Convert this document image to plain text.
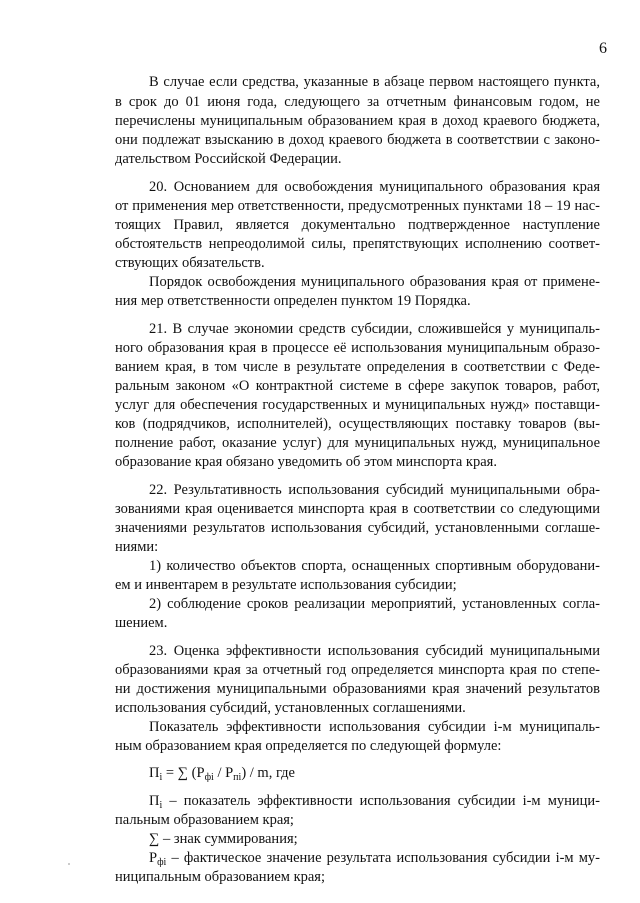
6
В случае если средства, указанные в абзаце первом настоящего пункта,
в срок до 01 июня года, следующего за отчетным финансовым годом, не
перечислены муниципальным образованием края в доход краевого бюджета,
они подлежат взысканию в доход краевого бюджета в соответствии с законо-
дательством Российской Федерации.
20. Основанием для освобождения муниципального образования края
от применения мер ответственности, предусмотренных пунктами 18 – 19 нас-
тоящих Правил, является документально подтвержденное наступление
обстоятельств непреодолимой силы, препятствующих исполнению соответ-
ствующих обязательств.
Порядок освобождения муниципального образования края от примене-
ния мер ответственности определен пунктом 19 Порядка.
21. В случае экономии средств субсидии, сложившейся у муниципаль-
ного образования края в процессе её использования муниципальным образо-
ванием края, в том числе в результате определения в соответствии с Феде-
ральным законом «О контрактной системе в сфере закупок товаров, работ,
услуг для обеспечения государственных и муниципальных нужд» поставщи-
ков (подрядчиков, исполнителей), осуществляющих поставку товаров (вы-
полнение работ, оказание услуг) для муниципальных нужд, муниципальное
образование края обязано уведомить об этом минспорта края.
22. Результативность использования субсидий муниципальными обра-
зованиями края оценивается минспорта края в соответствии со следующими
значениями результатов использования субсидий, установленными соглаше-
ниями:
1) количество объектов спорта, оснащенных спортивным оборудовани-
ем и инвентарем в результате использования субсидии;
2) соблюдение сроков реализации мероприятий, установленных согла-
шением.
23. Оценка эффективности использования субсидий муниципальными
образованиями края за отчетный год определяется минспорта края по степе-
ни достижения муниципальными образованиями края значений результатов
использования субсидий, установленных соглашениями.
Показатель эффективности использования субсидии i-м муниципаль-
ным образованием края определяется по следующей формуле:
$П_i$ = ∑ $(Р_{фi} / Р_{пi})$ / m, где
$П_i$ – показатель эффективности использования субсидии i-м муници-
пальным образованием края;
∑ – знак суммирования;
$Р_{фi}$ – фактическое значение результата использования субсидии i-м му-
ниципальным образованием края;
